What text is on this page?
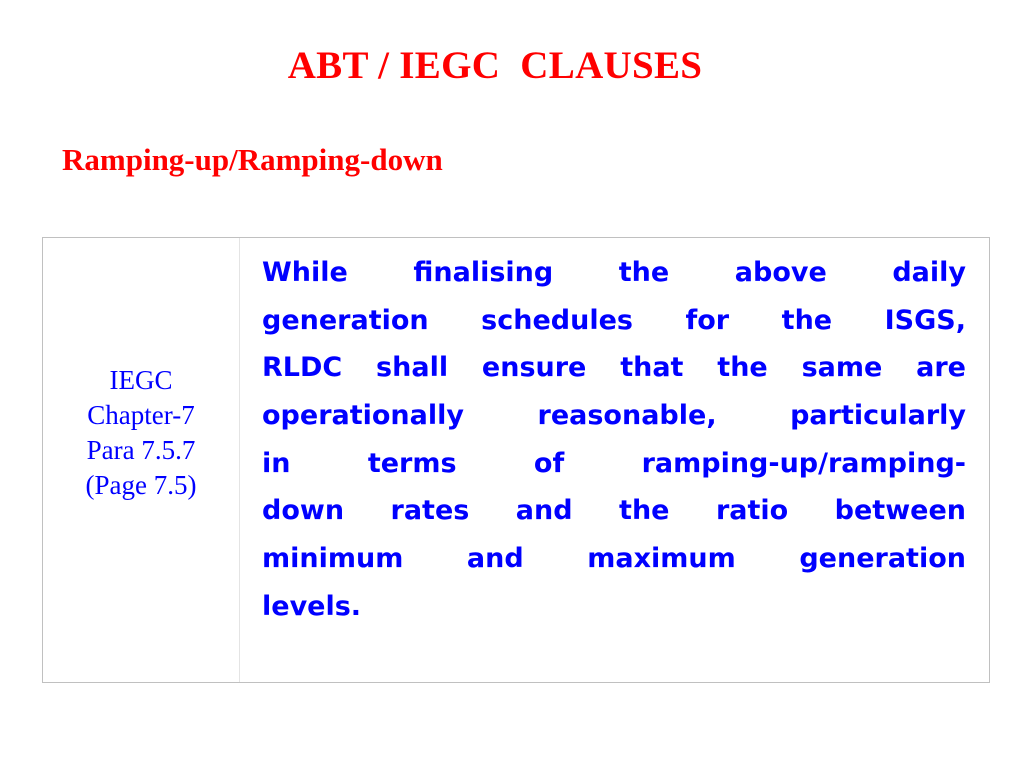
ABT / IEGC  CLAUSES
Ramping-up/Ramping-down
IEGC
Chapter-7
Para 7.5.7
(Page 7.5)
While finalising the above daily
generation schedules for the ISGS,
RLDC shall ensure that the same are
operationally reasonable, particularly
in terms of ramping-up/ramping-
down rates and the ratio between
minimum and maximum generation
levels.
